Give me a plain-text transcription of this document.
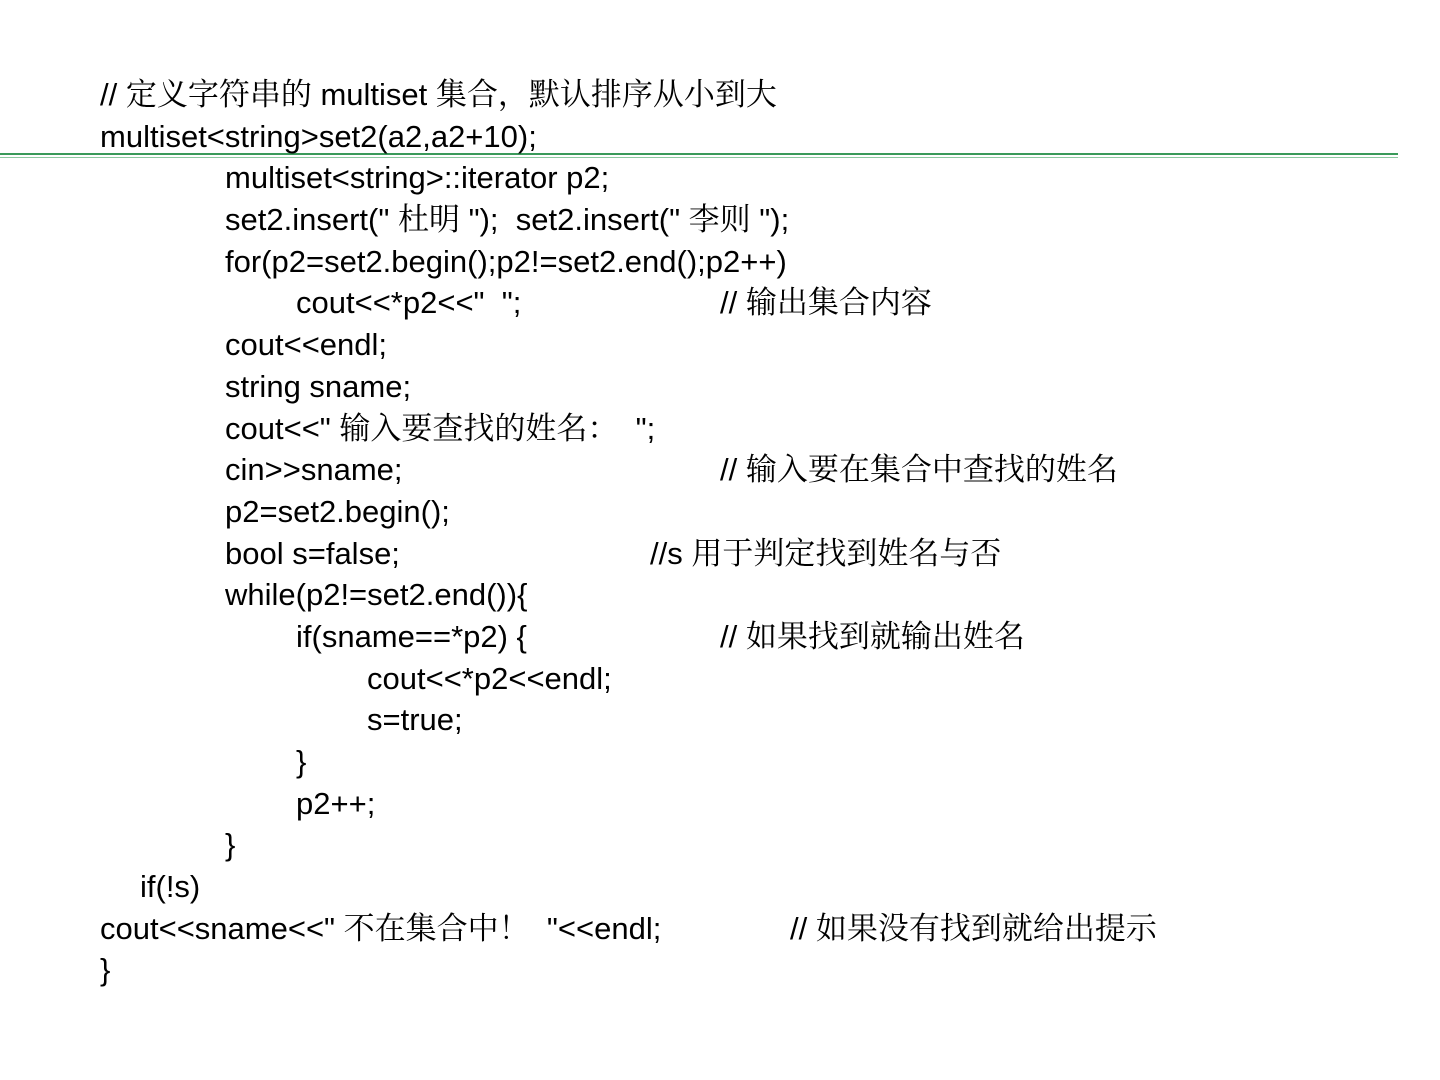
// 定义字符串的 multiset 集合，默认排序从小到大
multiset<string>set2(a2,a2+10);
multiset<string>::iterator p2;
set2.insert(" 杜明 ");  set2.insert(" 李则 ");
for(p2=set2.begin();p2!=set2.end();p2++)
cout<<*p2<<"  ";	// 输出集合内容
cout<<endl;
string sname;
cout<<" 输入要查找的姓名：  ";
cin>>sname;	// 输入要在集合中查找的姓名
p2=set2.begin();
bool s=false;	//s 用于判定找到姓名与否
while(p2!=set2.end()){
if(sname==*p2) {	// 如果找到就输出姓名
cout<<*p2<<endl;
s=true;
}
p2++;
}
if(!s)
cout<<sname<<" 不在集合中！  "<<endl;	// 如果没有找到就给出提示
}
